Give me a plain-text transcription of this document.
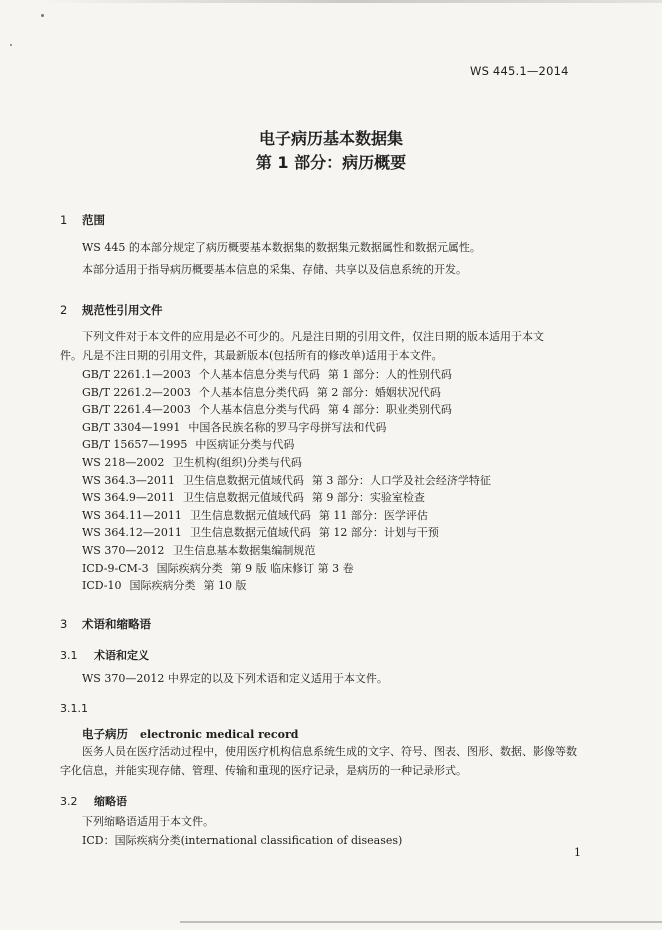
WS 445.1—2014
电子病历基本数据集
第 1 部分：病历概要
1 范围
WS 445 的本部分规定了病历概要基本数据集的数据集元数据属性和数据元属性。
本部分适用于指导病历概要基本信息的采集、存储、共享以及信息系统的开发。
2 规范性引用文件
下列文件对于本文件的应用是必不可少的。凡是注日期的引用文件，仅注日期的版本适用于本文
件。凡是不注日期的引用文件，其最新版本(包括所有的修改单)适用于本文件。
GB/T 2261.1—2003 个人基本信息分类与代码 第 1 部分：人的性别代码
GB/T 2261.2—2003 个人基本信息分类代码 第 2 部分：婚姻状况代码
GB/T 2261.4—2003 个人基本信息分类与代码 第 4 部分：职业类别代码
GB/T 3304—1991 中国各民族名称的罗马字母拼写法和代码
GB/T 15657—1995 中医病证分类与代码
WS 218—2002 卫生机构(组织)分类与代码
WS 364.3—2011 卫生信息数据元值域代码 第 3 部分：人口学及社会经济学特征
WS 364.9—2011 卫生信息数据元值域代码 第 9 部分：实验室检查
WS 364.11—2011 卫生信息数据元值域代码 第 11 部分：医学评估
WS 364.12—2011 卫生信息数据元值域代码 第 12 部分：计划与干预
WS 370—2012 卫生信息基本数据集编制规范
ICD-9-CM-3 国际疾病分类 第 9 版 临床修订 第 3 卷
ICD-10 国际疾病分类 第 10 版
3 术语和缩略语
3.1 术语和定义
WS 370—2012 中界定的以及下列术语和定义适用于本文件。
3.1.1
电子病历 electronic medical record
医务人员在医疗活动过程中，使用医疗机构信息系统生成的文字、符号、图表、图形、数据、影像等数
字化信息，并能实现存储、管理、传输和重现的医疗记录，是病历的一种记录形式。
3.2 缩略语
下列缩略语适用于本文件。
ICD：国际疾病分类(international classification of diseases)
1
